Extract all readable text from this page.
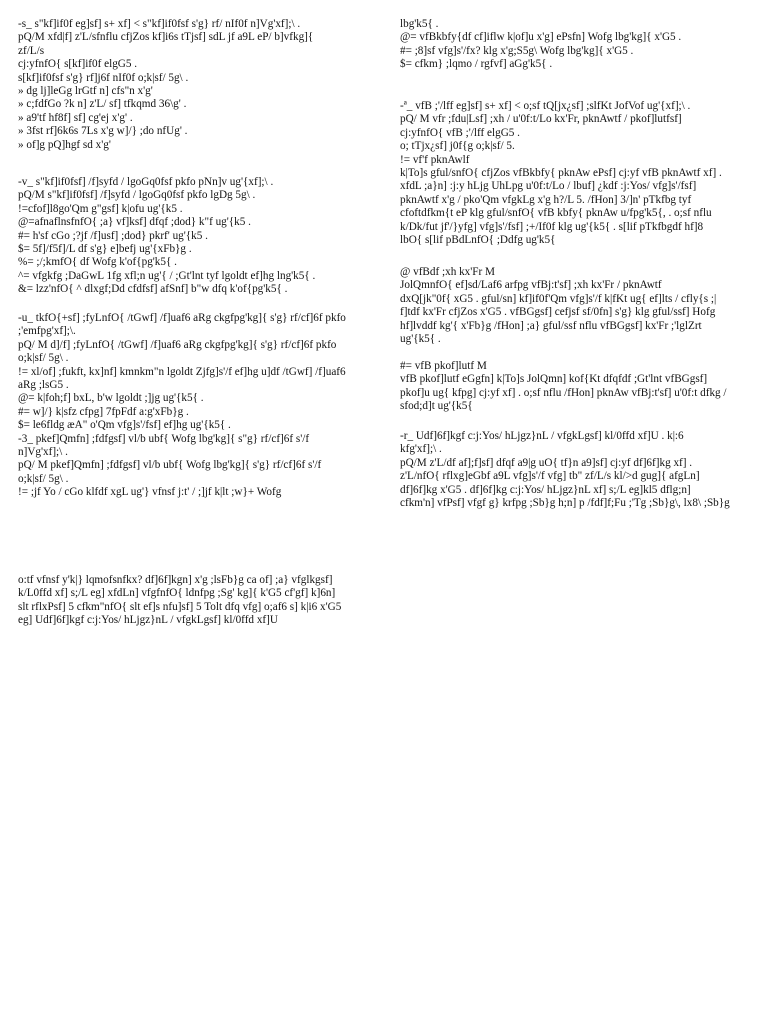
-s_ s"kf]if0f eg]sf] s+ xf] < s"kf]if0fsf s'g} rf/ nIf0f n]Vg'xf];\ .
pQ/M xfd|f] z'L/sfnflu cfjZos kf]i6s tTjsf] sdL jf a9L eP/ b]vfkg]{
zf/L/s
cj:yfnfO{ s[kf]if0f elgG5 .
s[kf]if0fsf s'g} rf]j6f nIf0f o;k|sf/ 5g\ .
» dg lj]leGg lrGtf n] cfs"n x'g'
» c;fdfGo ?k n] z'L/ sf] tfkqmd 36\g' .
» a9'tf hf8f] sf] cg'ej x'g' .
» 3fst rf]6k6s 7Ls x'g w]/} ;do nfUg' .
» of]g pQ]hgf sd x'g'
-v_ s"kf]if0fsf] /f]syfd / lgoGq0fsf pkfo pNn]v ug'{xf];\ .
pQ/M s"kf]if0fsf] /f]syfd / lgoGq0fsf pkfo lgDg 5g\ .
!=cfof]l8go'Qm g"gsf] k|ofu ug'{k5 .
@=afnaflnsfnfO{ ;a} vf]ksf] dfqf ;dod} k"f ug'{k5 .
#= h'sf cGo ;?jf /f]usf] ;dod} pkrf' ug'{k5 .
$= 5f]/f5f]/L df s'g} e]befj ug'{xFb}g .
%= ;/;kmfO{ df Wofg k'of{pg'k5{ .
^= vfgkfg ;DaGwL 1fg xfl;n ug'{ / ;Gt'lnt tyf lgoldt ef]hg lng'k5{ .
&= lzz'nfO{ ^ dlxgf;Dd cfdfsf] afSnf] b"w dfq k'of{pg'k5{ .
-u_ tkfO{+sf] ;fyLnfO{ /tGwf] /f]uaf6 aRg ckgfpg'kg]{ s'g} rf/cf]6f pkfo
;'emfpg'xf];\.
pQ/ M d]/f] ;fyLnfO{ /tGwf] /f]uaf6 aRg ckgfpg'kg]{ s'g} rf/cf]6f pkfo
o;k|sf/ 5g\ .
!= xl/of] ;fukft, kx]nf] kmnkm"n lgoldt Zjfg]s'/f ef]hg u]df /tGwf] /f]uaf6
aRg ;lsG5 .
@= k|foh;f] bxL, b'w lgoldt ;]jg ug'{k5{ .
#= w]/} k|sfz cfpg] 7fpFdf a:g'xFb}g .
$= le6fldg æA" o'Qm vfg]s'/fsf] ef]hg ug'{k5{ .
-3_ pkef]Qmfn] ;fdfgsf] vl/b ubf{ Wofg lbg'kg]{ s"g} rf/cf]6f s'/f
n]Vg'xf];\ .
pQ/ M pkef]Qmfn] ;fdfgsf] vl/b ubf{ Wofg lbg'kg]{ s'g} rf/cf]6f s'/f
o;k|sf/ 5g\ .
!= ;jf Yo / cGo klfdf xgL ug'} vfnsf j:t' / ;]jf k|lt ;w}+ Wofg
o:tf vfnsf y'k|} lqmofsnfkx? df]6f]kgn] x'g ;lsFb}g ca of] ;a} vfglkgsf]
k/L0ffd xf] s;/L eg] xfdLn] vfgfnfO{ ldnfpg ;Sg' kg]{ k'G5 cf'gf] k]6n]
slt rflxPsf] 5 cfkm"nfO{ slt ef]s nfu]sf] 5 Tolt dfq vfg] o;af6 s] k|i6 x'G5
eg] Udf]6f]kgf c:j:Yos/ hLjgz}nL / vfgkLgsf] kl/0ffd xf]U
lbg'k5{ .
@= vfBkbfy{df cf]iflw k|of]u x'g] ePsfn] Wofg lbg'kg]{ x'G5 .
#= ;8]sf vfg]s'/fx? klg x'g;S5g\ Wofg lbg'kg]{ x'G5 .
$= cfkm} ;lqmo / rgfvf] aGg'k5{ .
-ª_ vfB ;'/lff eg]sf] s+ xf] < o;sf tQ[jx¿sf] ;slfKt JofVof ug'{xf];\ .
pQ/ M vfr ;fdu|Lsf] ;xh / u'0f:t/Lo kx'Fr, pknAwtf / pkof]lutfsf]
cj:yfnfO{ vfB ;'/lff elgG5 .
o; tTjx¿sf] j0f{g o;k|sf/ 5.
!= vf'f pknAwlf
k|To]s gful/snfO{ cfjZos vfBkbfy{ pknAw ePsf] cj:yf vfB pknAwtf xf] .
xfdL ;a}n] :j:y hLjg UhLpg u'0f:t/Lo / lbuf] ¿kdf :j:Yos/ vfg]s'/fsf]
pknAwtf x'g / pko'Qm vfgkLg x'g h?/L 5. /fHon] 3/]n' pTkfbg tyf
cfoftdfkm{t eP klg gful/snfO{ vfB kbfy{ pknAw u/fpg'k5{, . o;sf nflu
k/Dk/fut jf'/}yfg] vfg]s'/fsf] ;+/If0f klg ug'{k5{ . s[lif pTkfbgdf hf]8
lbO{ s[lif pBdLnfO{ ;Ddfg ug'k5{
@ vfBdf ;xh kx'Fr M
JolQmnfO{ ef]sd/Laf6 arfpg vfBj:t'sf] ;xh kx'Fr / pknAwtf
dxQ[jk"0f{ xG5 . gful/sn] kf]if0f'Qm vfg]s'/f k|fKt ug{ ef]lts / cfly{s ;|
f]tdf kx'Fr cfjZos x'G5 . vfBGgsf] cefjsf sf/0fn] s'g} klg gful/ssf] Hofg
hf]lvddf kg'{ x'Fb}g /fHon] ;a} gful/ssf nflu vfBGgsf] kx'Fr ;'lglZrt
ug'{k5{ .
#= vfB pkof]lutf M
vfB pkof]lutf eGgfn] k|To]s JolQmn] kof{Kt dfqfdf ;Gt'lnt vfBGgsf]
pkof]u ug{ kfpg] cj:yf xf] . o;sf nflu /fHon] pknAw vfBj:t'sf] u'0f:t dfkg /
sfod;d]t ug'{k5{
-r_ Udf]6f]kgf c:j:Yos/ hLjgz}nL / vfgkLgsf] kl/0ffd xf]U . k|:6
kfg'xf];\ .
pQ/M z'L/df af];f]sf] dfqf a9|g uO{ tf}n a9]sf] cj:yf df]6f]kg xf] .
z'L/nfO{ rflxg]eGbf a9L vfg]s'/f vfg] tb" zf/L/s kl/>d gug]{ afgLn]
df]6f]kg x'G5 . df]6f]kg c:j:Yos/ hLjgz}nL xf] s;/L eg]kl5 dflg;n]
cfkm'n] vfPsf] vfgf g} krfpg ;Sb}g h;n] p /fdf]f;Fu ;'Tg ;Sb}g\, lx8\ ;Sb}g
